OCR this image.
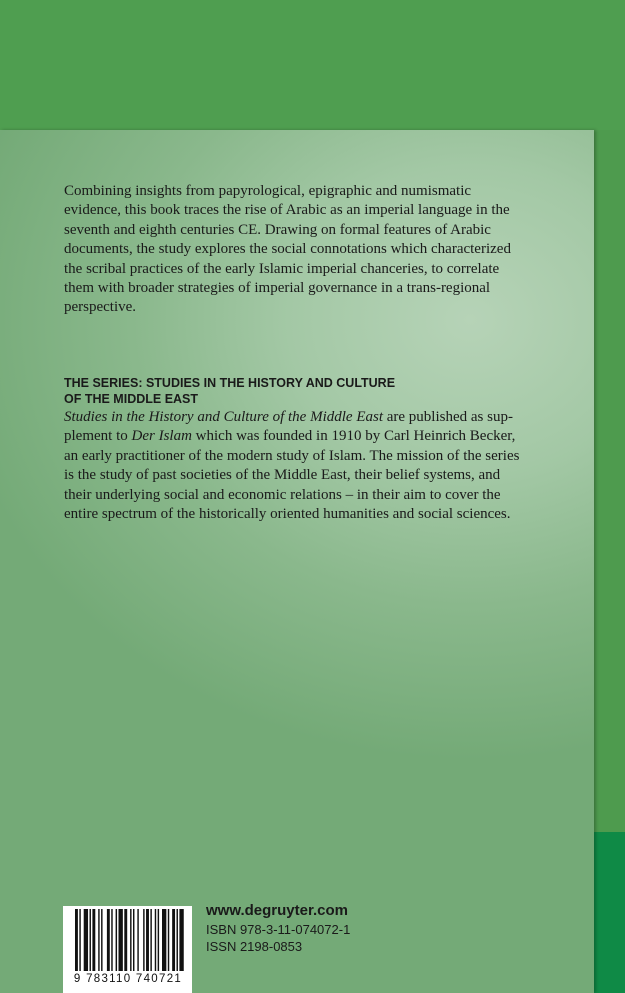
Combining insights from papyrological, epigraphic and numismatic
evidence, this book traces the rise of Arabic as an imperial language in the
seventh and eighth centuries CE. Drawing on formal features of Arabic
documents, the study explores the social connotations which characterized
the scribal practices of the early Islamic imperial chanceries, to correlate
them with broader strategies of imperial governance in a trans-regional
perspective.

THE SERIES: STUDIES IN THE HISTORY AND CULTURE
OF THE MIDDLE EAST

Studies in the History and Culture of the Middle East are published as sup-
plement to Der Islam which was founded in 1910 by Carl Heinrich Becker,
an early practitioner of the modern study of Islam. The mission of the series
is the study of past societies of the Middle East, their belief systems, and
their underlying social and economic relations – in their aim to cover the
entire spectrum of the historically oriented humanities and social sciences.

9 783110 740721
www.degruyter.com
ISBN 978-3-11-074072-1
ISSN 2198-0853
